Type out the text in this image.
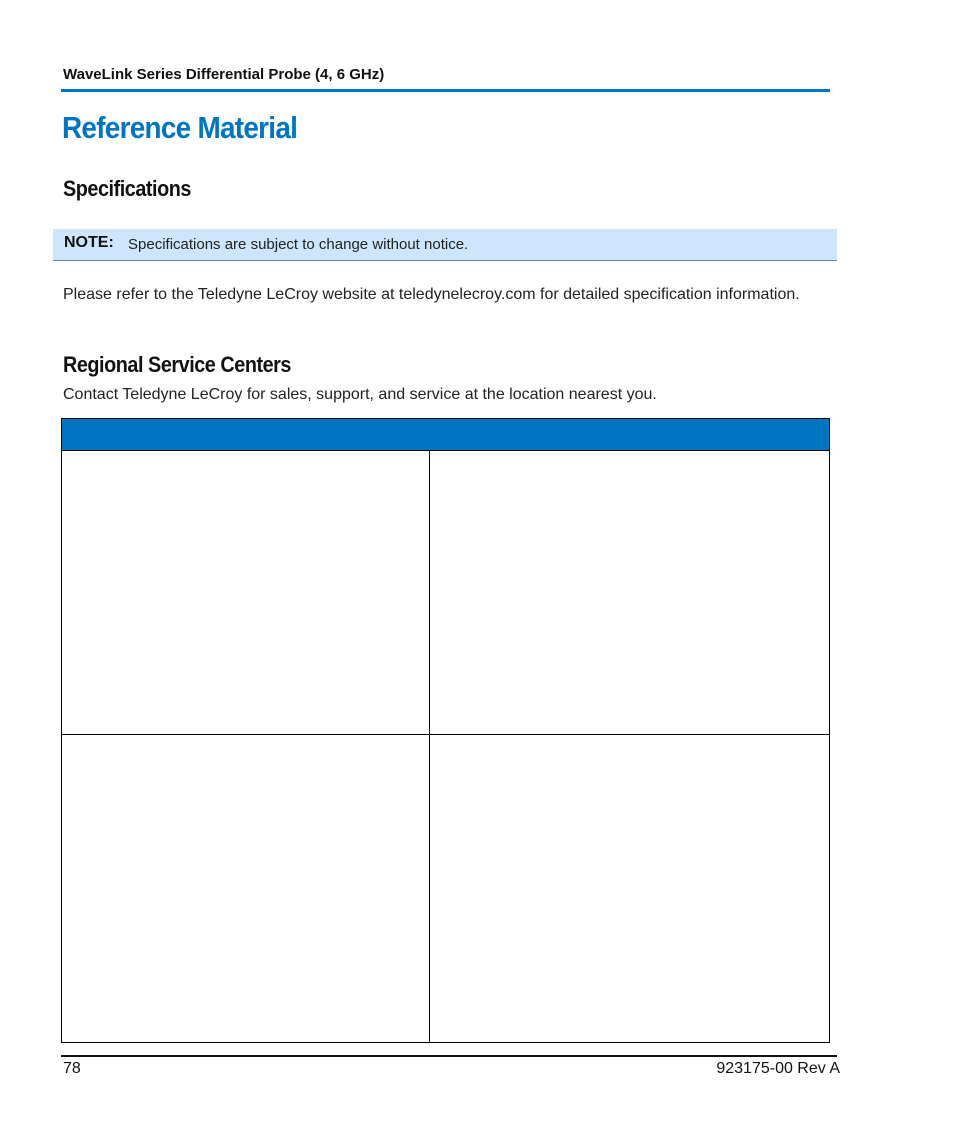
WaveLink Series Differential Probe (4, 6 GHz)
Reference Material
Specifications
NOTE: Specifications are subject to change without notice.
Please refer to the Teledyne LeCroy website at teledynelecroy.com for detailed specification information.
Regional Service Centers
Contact Teledyne LeCroy for sales, support, and service at the location nearest you.
78	923175-00 Rev A
